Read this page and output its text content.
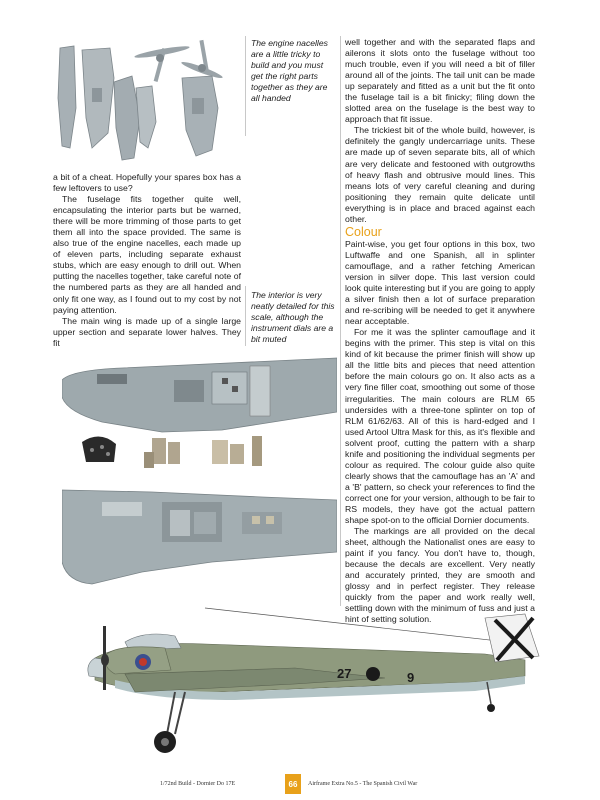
The engine nacelles are a little tricky to build and you must get the right parts together as they are all handed

a bit of a cheat. Hopefully your spares box has a few leftovers to use?

The fuselage fits together quite well, encapsulating the interior parts but be warned, there will be more trimming of those parts to get them all into the space provided. The same is also true of the engine nacelles, each made up of eleven parts, including separate exhaust stubs, which are easy enough to drill out. When putting the nacelles together, take careful note of the numbered parts as they are all handed and only fit one way, as I found out to my cost by not paying attention.

The main wing is made up of a single large upper section and separate lower halves. They fit

The interior is very neatly detailed for this scale, although the instrument dials are a bit muted

well together and with the separated flaps and ailerons it slots onto the fuselage without too much trouble, even if you will need a bit of filler around all of the joints. The tail unit can be made up separately and fitted as a unit but the fit onto the fuselage tail is a bit finicky; filing down the slotted area on the fuselage is the best way to approach that fit issue.

The trickiest bit of the whole build, however, is definitely the gangly undercarriage units. These are made up of seven separate bits, all of which are very delicate and festooned with outgrowths of heavy flash and obtrusive mould lines. This means lots of very careful cleaning and during positioning they remain quite delicate until everything is in place and braced against each other.

Colour

Paint-wise, you get four options in this box, two Luftwaffe and one Spanish, all in splinter camouflage, and a rather fetching American version in silver dope. This last version could look quite interesting but if you are going to apply a silver finish then a lot of surface preparation and re-scribing will be needed to get it anywhere near acceptable.

For me it was the splinter camouflage and it begins with the primer. This step is vital on this kind of kit because the primer finish will show up all the little bits and pieces that need attention before the main colours go on. It also acts as a very fine filler coat, smoothing out some of those irregularities. The main colours are RLM 65 undersides with a three-tone splinter on top of RLM 61/62/63. All of this is hard-edged and I used Artool Ultra Mask for this, as it's flexible and solvent proof, cutting the pattern with a sharp knife and positioning the individual segments per colour as required. The colour guide also quite clearly shows that the camouflage has an 'A' and a 'B' pattern, so check your references to find the correct one for your version, although to be fair to RS models, they have got the actual pattern shape spot-on to the official Dornier documents.

The markings are all provided on the decal sheet, although the Nationalist ones are easy to paint if you fancy. You don't have to, though, because the decals are excellent. Very neatly and accurately printed, they are smooth and glossy and in perfect register. They release quickly from the paper and work really well, settling down with the minimum of fuss and just a hint of setting solution.

27	9
1/72nd Build - Dornier Do 17E	66	Airframe Extra No.5 - The Spanish Civil War
